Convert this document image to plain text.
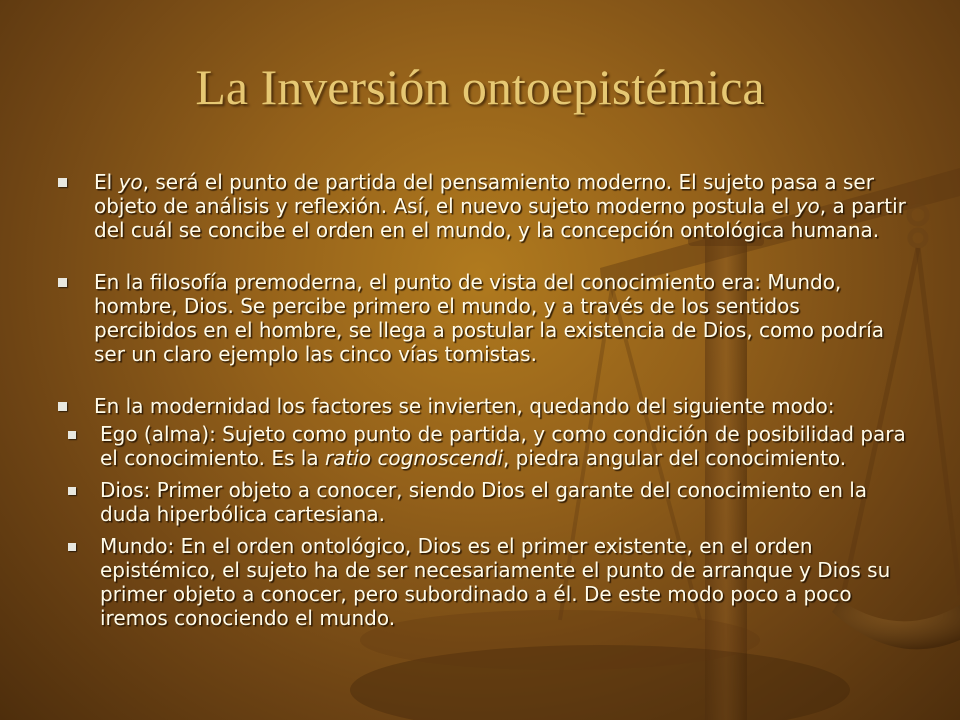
La Inversión ontoepistémica
El yo, será el punto de partida del pensamiento moderno. El sujeto pasa a ser objeto de análisis y reflexión. Así, el nuevo sujeto moderno postula el yo, a partir del cuál se concibe el orden en el mundo, y la concepción ontológica humana.
En la filosofía premoderna, el punto de vista del conocimiento era: Mundo, hombre, Dios. Se percibe primero el mundo, y a través de los sentidos percibidos en el hombre, se llega a postular la existencia de Dios, como podría ser un claro ejemplo las cinco vías tomistas.
En la modernidad los factores se invierten, quedando del siguiente modo:
Ego (alma): Sujeto como punto de partida, y como condición de posibilidad para el conocimiento. Es la ratio cognoscendi, piedra angular del conocimiento.
Dios: Primer objeto a conocer, siendo Dios el garante del conocimiento en la duda hiperbólica cartesiana.
Mundo: En el orden ontológico, Dios es el primer existente, en el orden epistémico, el sujeto ha de ser necesariamente el punto de arranque y Dios su primer objeto a conocer, pero subordinado a él. De este modo poco a poco iremos conociendo el mundo.
